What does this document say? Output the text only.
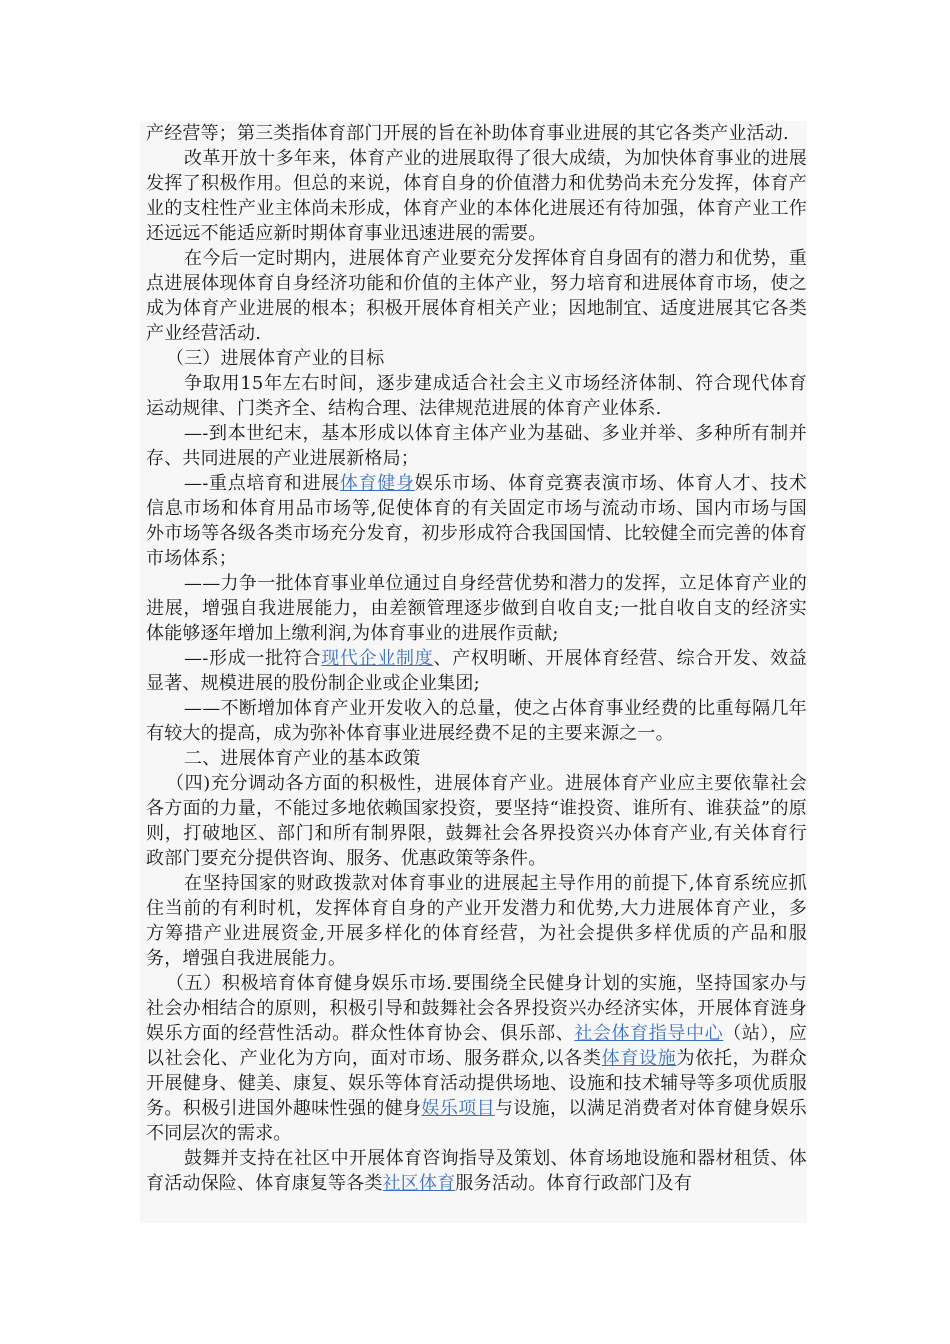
产经营等；第三类指体育部门开展的旨在补助体育事业进展的其它各类产业活动.

改革开放十多年来，体育产业的进展取得了很大成绩，为加快体育事业的进展发挥了积极作用。但总的来说，体育自身的价值潜力和优势尚未充分发挥，体育产业的支柱性产业主体尚未形成，体育产业的本体化进展还有待加强，体育产业工作还远远不能适应新时期体育事业迅速进展的需要。

在今后一定时期内，进展体育产业要充分发挥体育自身固有的潜力和优势，重点进展体现体育自身经济功能和价值的主体产业，努力培育和进展体育市场，使之成为体育产业进展的根本；积极开展体育相关产业；因地制宜、适度进展其它各类产业经营活动.

（三）进展体育产业的目标

争取用15年左右时间，逐步建成适合社会主义市场经济体制、符合现代体育运动规律、门类齐全、结构合理、法律规范进展的体育产业体系.

—-到本世纪末，基本形成以体育主体产业为基础、多业并举、多种所有制并存、共同进展的产业进展新格局；

—-重点培育和进展体育健身娱乐市场、体育竞赛表演市场、体育人才、技术信息市场和体育用品市场等,促使体育的有关固定市场与流动市场、国内市场与国外市场等各级各类市场充分发育，初步形成符合我国国情、比较健全而完善的体育市场体系；

——力争一批体育事业单位通过自身经营优势和潜力的发挥，立足体育产业的进展，增强自我进展能力，由差额管理逐步做到自收自支;一批自收自支的经济实体能够逐年增加上缴利润,为体育事业的进展作贡献;

—-形成一批符合现代企业制度、产权明晰、开展体育经营、综合开发、效益显著、规模进展的股份制企业或企业集团;

——不断增加体育产业开发收入的总量，使之占体育事业经费的比重每隔几年有较大的提高，成为弥补体育事业进展经费不足的主要来源之一。

二、进展体育产业的基本政策

（四)充分调动各方面的积极性，进展体育产业。进展体育产业应主要依靠社会各方面的力量，不能过多地依赖国家投资，要坚持“谁投资、谁所有、谁获益”的原则，打破地区、部门和所有制界限，鼓舞社会各界投资兴办体育产业,有关体育行政部门要充分提供咨询、服务、优惠政策等条件。

在坚持国家的财政拨款对体育事业的进展起主导作用的前提下,体育系统应抓住当前的有利时机，发挥体育自身的产业开发潜力和优势,大力进展体育产业，多方筹措产业进展资金,开展多样化的体育经营，为社会提供多样优质的产品和服务，增强自我进展能力。

（五）积极培育体育健身娱乐市场.要围绕全民健身计划的实施，坚持国家办与社会办相结合的原则，积极引导和鼓舞社会各界投资兴办经济实体，开展体育涟身娱乐方面的经营性活动。群众性体育协会、俱乐部、社会体育指导中心（站），应以社会化、产业化为方向，面对市场、服务群众,以各类体育设施为依托，为群众开展健身、健美、康复、娱乐等体育活动提供场地、设施和技术辅导等多项优质服务。积极引进国外趣味性强的健身娱乐项目与设施，以满足消费者对体育健身娱乐不同层次的需求。

鼓舞并支持在社区中开展体育咨询指导及策划、体育场地设施和器材租赁、体育活动保险、体育康复等各类社区体育服务活动。体育行政部门及有
